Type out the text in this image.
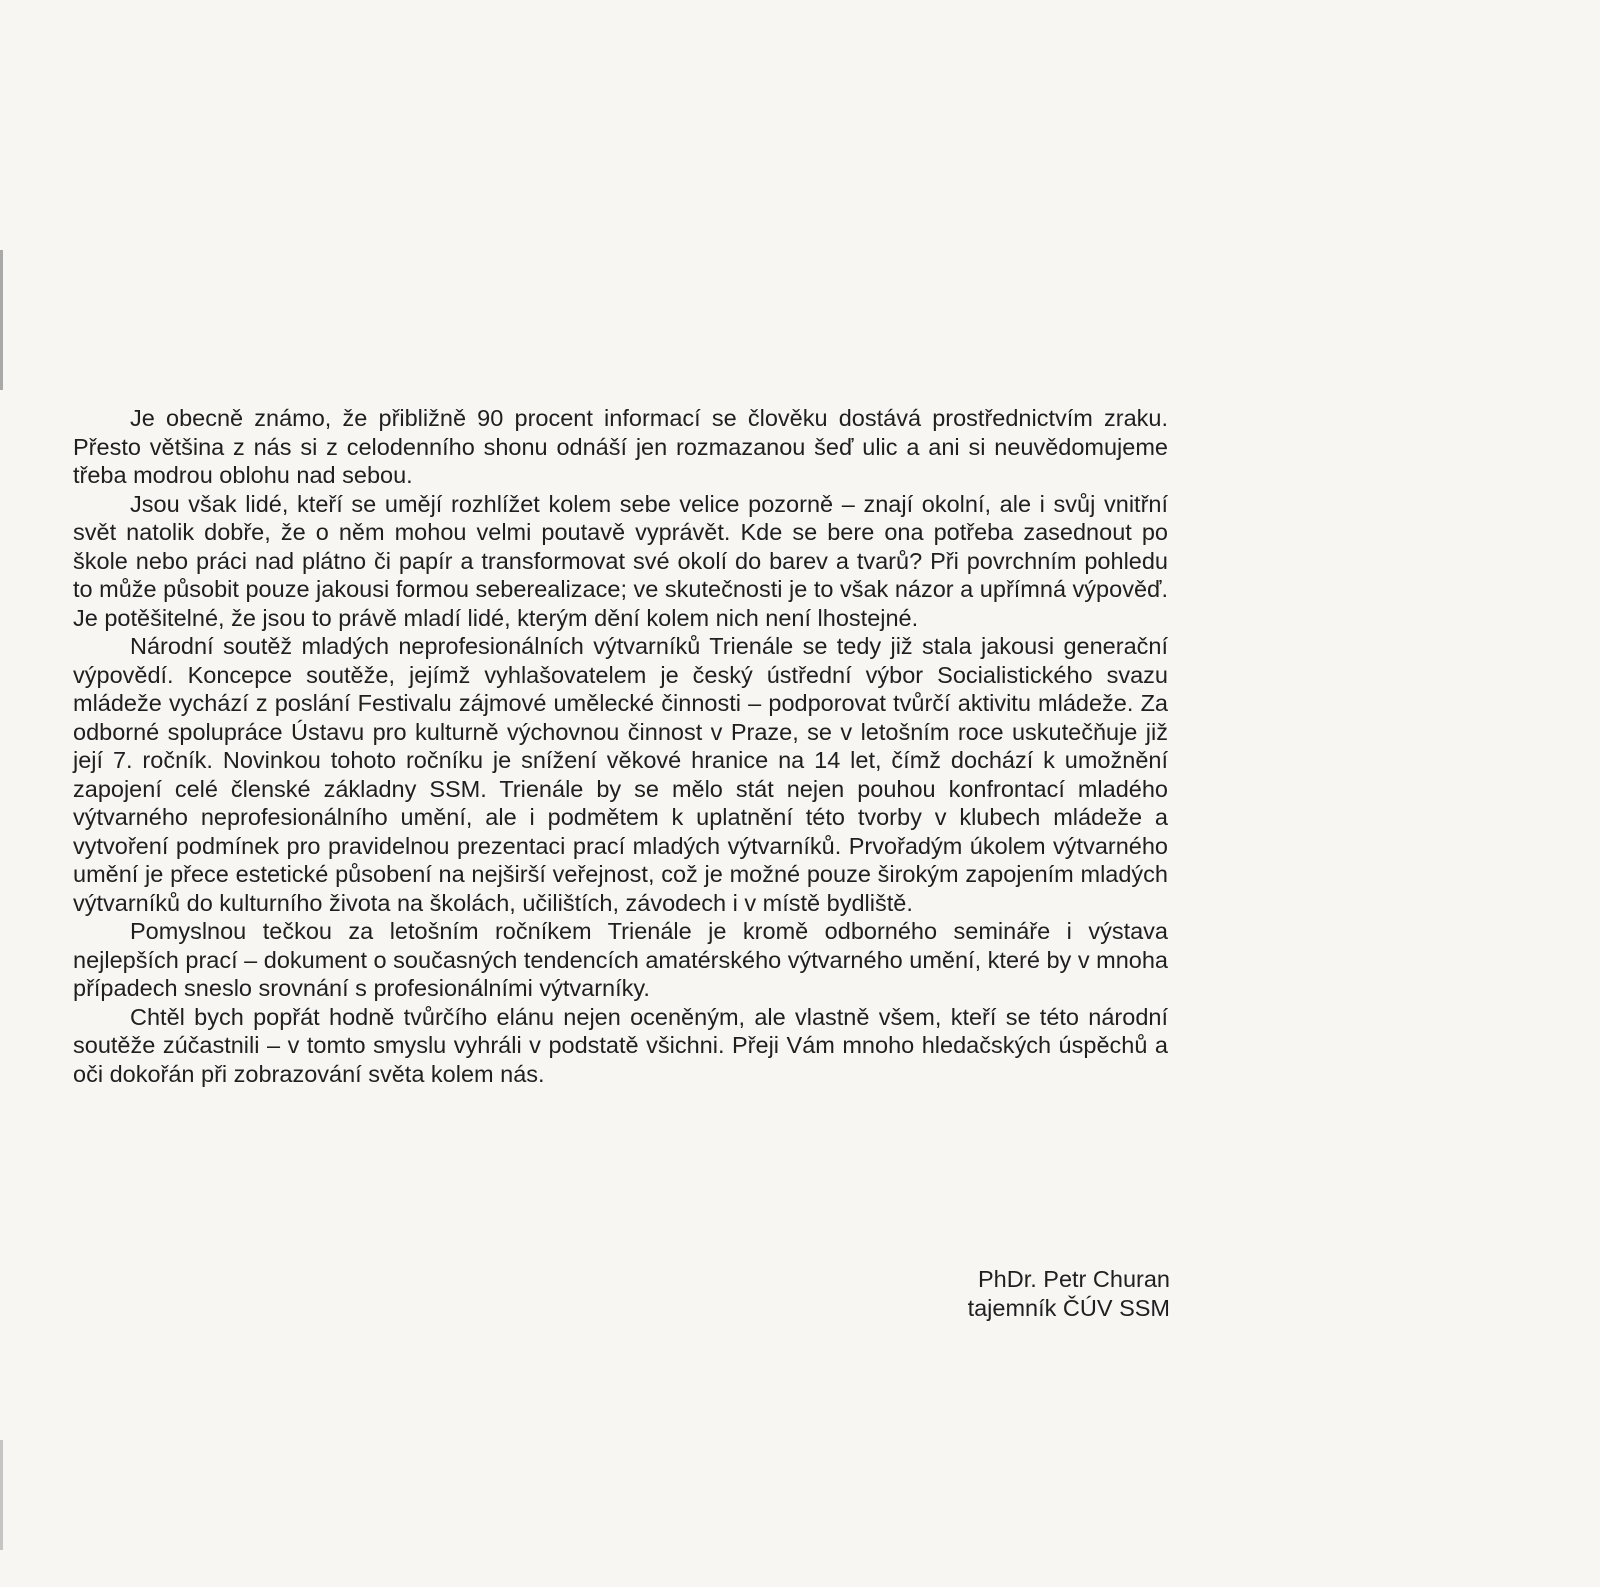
Je obecně známo, že přibližně 90 procent informací se člověku dostává prostřednictvím zraku. Přesto většina z nás si z celodenního shonu odnáší jen rozmazanou šeď ulic a ani si neuvědomujeme třeba modrou oblohu nad sebou.

Jsou však lidé, kteří se umějí rozhlížet kolem sebe velice pozorně – znají okolní, ale i svůj vnitřní svět natolik dobře, že o něm mohou velmi poutavě vyprávět. Kde se bere ona potřeba zasednout po škole nebo práci nad plátno či papír a transformovat své okolí do barev a tvarů? Při povrchním pohledu to může působit pouze jakousi formou seberealizace; ve skutečnosti je to však názor a upřímná výpověď. Je potěšitelné, že jsou to právě mladí lidé, kterým dění kolem nich není lhostejné.

Národní soutěž mladých neprofesionálních výtvarníků Trienále se tedy již stala jakousi generační výpovědí. Koncepce soutěže, jejímž vyhlašovatelem je český ústřední výbor Socialistického svazu mládeže vychází z poslání Festivalu zájmové umělecké činnosti – podporovat tvůrčí aktivitu mládeže. Za odborné spolupráce Ústavu pro kulturně výchovnou činnost v Praze, se v letošním roce uskutečňuje již její 7. ročník. Novinkou tohoto ročníku je snížení věkové hranice na 14 let, čímž dochází k umožnění zapojení celé členské základny SSM. Trienále by se mělo stát nejen pouhou konfrontací mladého výtvarného neprofesionálního umění, ale i podmětem k uplatnění této tvorby v klubech mládeže a vytvoření podmínek pro pravidelnou prezentaci prací mladých výtvarníků. Prvořadým úkolem výtvarného umění je přece estetické působení na nejširší veřejnost, což je možné pouze širokým zapojením mladých výtvarníků do kulturního života na školách, učilištích, závodech i v místě bydliště.

Pomyslnou tečkou za letošním ročníkem Trienále je kromě odborného semináře i výstava nejlepších prací – dokument o současných tendencích amatérského výtvarného umění, které by v mnoha případech sneslo srovnání s profesionálními výtvarníky.

Chtěl bych popřát hodně tvůrčího elánu nejen oceněným, ale vlastně všem, kteří se této národní soutěže zúčastnili – v tomto smyslu vyhráli v podstatě všichni. Přeji Vám mnoho hledačských úspěchů a oči dokořán při zobrazování světa kolem nás.

PhDr. Petr Churan
tajemník ČÚV SSM
